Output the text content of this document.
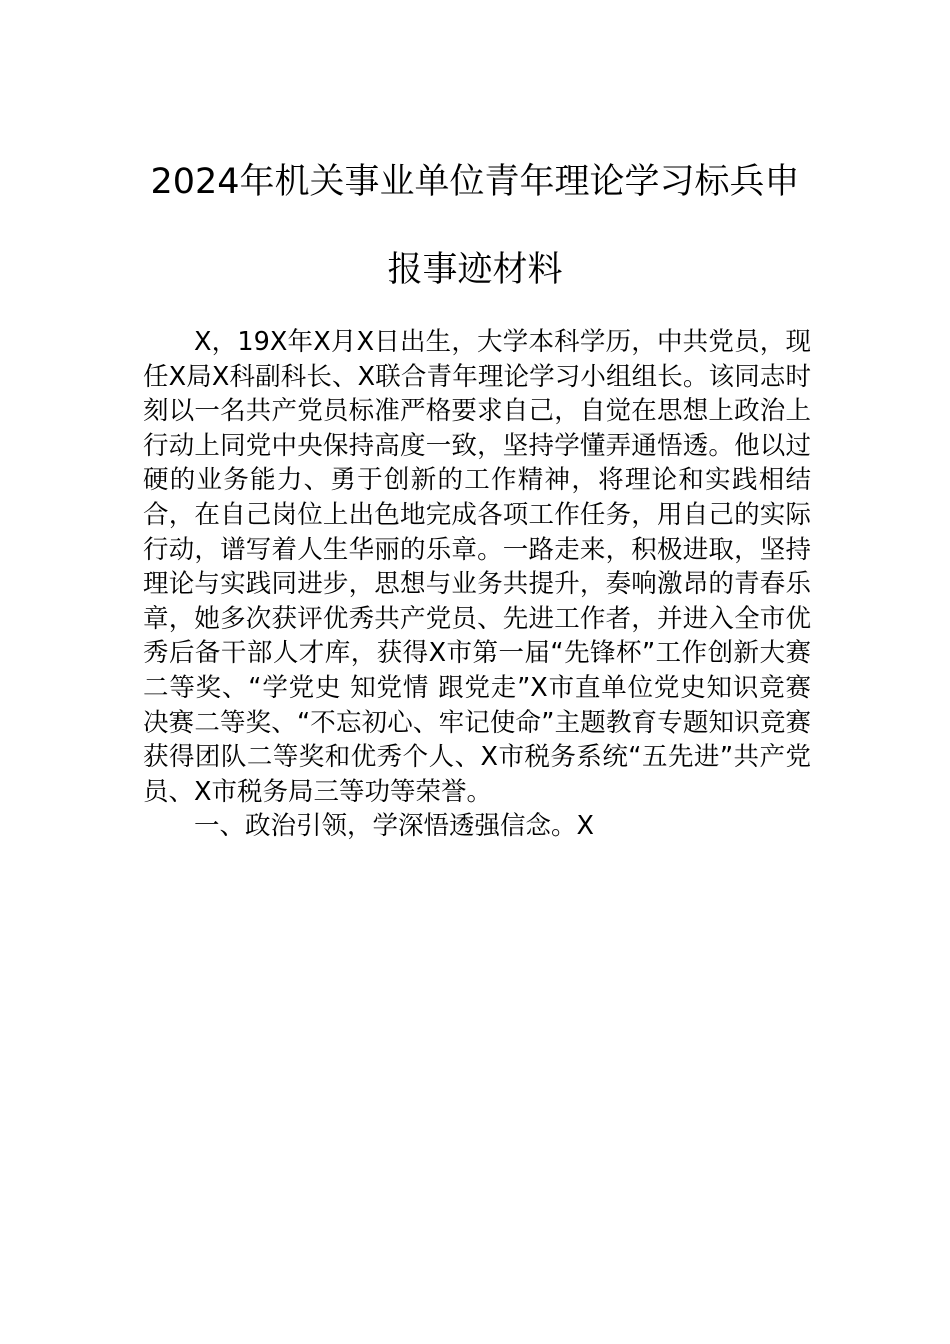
2024年机关事业单位青年理论学习标兵申
报事迹材料

X，19X年X月X日出生，大学本科学历，中共党员，现任X局X科副科长、X联合青年理论学习小组组长。该同志时刻以一名共产党员标准严格要求自己，自觉在思想上政治上行动上同党中央保持高度一致，坚持学懂弄通悟透。他以过硬的业务能力、勇于创新的工作精神，将理论和实践相结合，在自己岗位上出色地完成各项工作任务，用自己的实际行动，谱写着人生华丽的乐章。一路走来，积极进取，坚持理论与实践同进步，思想与业务共提升，奏响激昂的青春乐章，她多次获评优秀共产党员、先进工作者，并进入全市优秀后备干部人才库，获得X市第一届“先锋杯”工作创新大赛二等奖、“学党史 知党情 跟党走”X市直单位党史知识竞赛决赛二等奖、“不忘初心、牢记使命”主题教育专题知识竞赛获得团队二等奖和优秀个人、X市税务系统“五先进”共产党员、X市税务局三等功等荣誉。

一、政治引领，学深悟透强信念。X
